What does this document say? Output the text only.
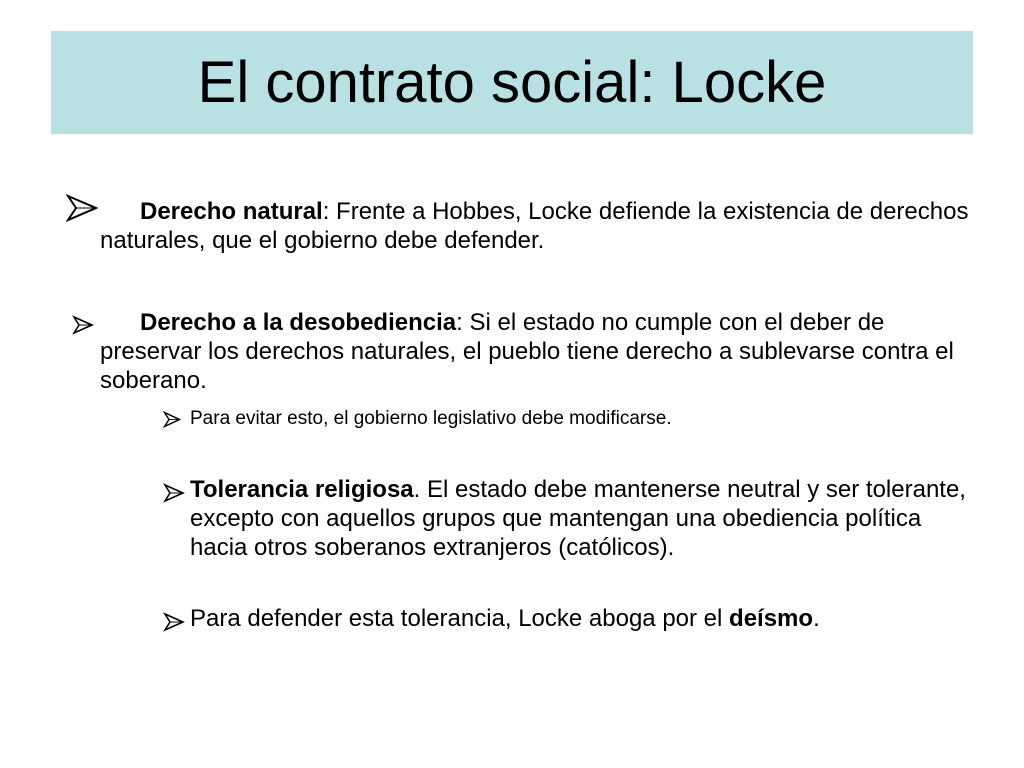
El contrato social: Locke
Derecho natural: Frente a Hobbes, Locke defiende la existencia de derechos naturales, que el gobierno debe defender.
Derecho a la desobediencia: Si el estado no cumple con el deber de preservar los derechos naturales, el pueblo tiene derecho a sublevarse contra el soberano.
Para evitar esto, el gobierno legislativo debe modificarse.
Tolerancia religiosa. El estado debe mantenerse neutral y ser tolerante, excepto con aquellos grupos que mantengan una obediencia política hacia otros soberanos extranjeros (católicos).
Para defender esta tolerancia, Locke aboga por el deísmo.
